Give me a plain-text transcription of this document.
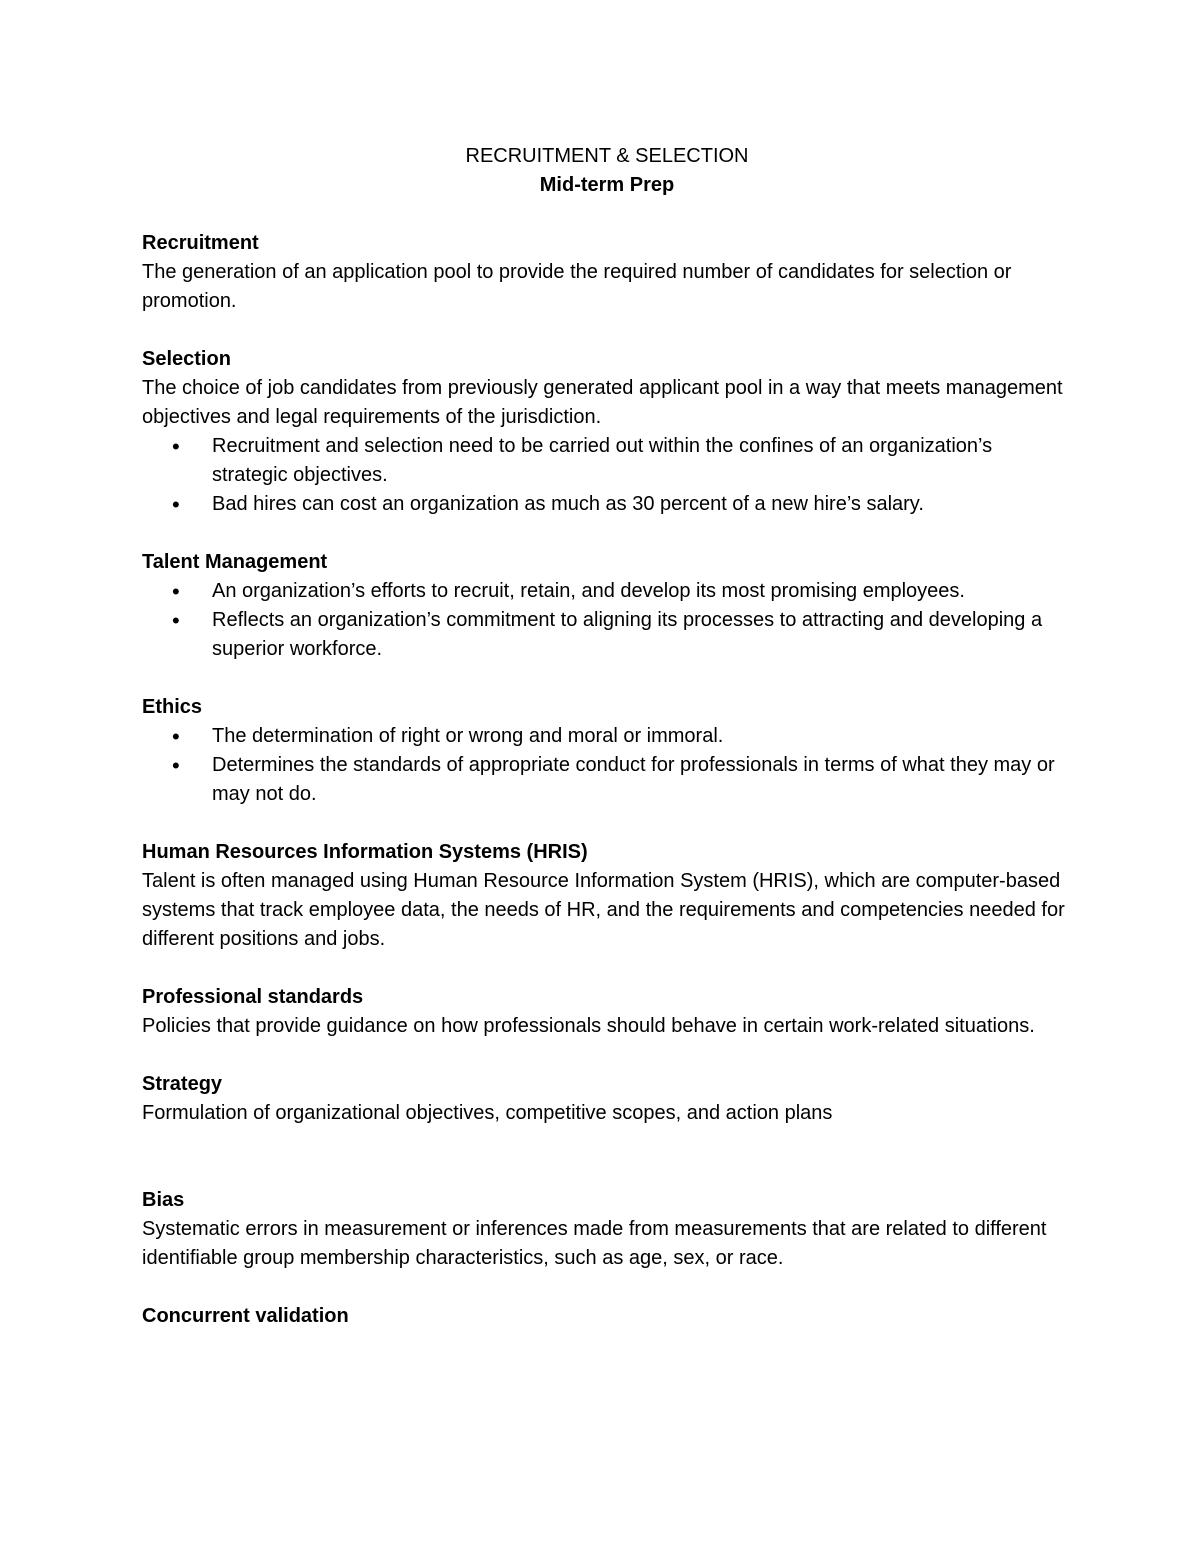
RECRUITMENT & SELECTION
Mid-term Prep
Recruitment

The generation of an application pool to provide the required number of candidates for selection or promotion.

Selection

The choice of job candidates from previously generated applicant pool in a way that meets management objectives and legal requirements of the jurisdiction.

• Recruitment and selection need to be carried out within the confines of an organization’s strategic objectives.
• Bad hires can cost an organization as much as 30 percent of a new hire’s salary.
Talent Management
• An organization’s efforts to recruit, retain, and develop its most promising employees.
• Reflects an organization’s commitment to aligning its processes to attracting and developing a superior workforce.
Ethics
• The determination of right or wrong and moral or immoral.
• Determines the standards of appropriate conduct for professionals in terms of what they may or may not do.
Human Resources Information Systems (HRIS)

Talent is often managed using Human Resource Information System (HRIS), which are computer-based systems that track employee data, the needs of HR, and the requirements and competencies needed for different positions and jobs.

Professional standards

Policies that provide guidance on how professionals should behave in certain work-related situations.

Strategy

Formulation of organizational objectives, competitive scopes, and action plans

Bias

Systematic errors in measurement or inferences made from measurements that are related to different identifiable group membership characteristics, such as age, sex, or race.

Concurrent validation
